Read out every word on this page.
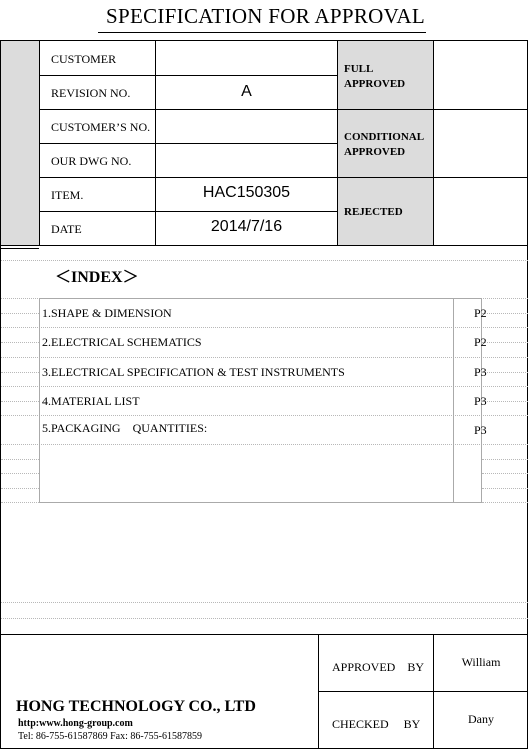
SPECIFICATION FOR APPROVAL
CUSTOMER
REVISION NO.	A
CUSTOMER’S NO.
OUR DWG NO.
ITEM.	HAC150305
DATE	2014/7/16
FULL
APPROVED
CONDITIONAL
APPROVED
REJECTED
＜INDEX＞
1.SHAPE & DIMENSION	P2
2.ELECTRICAL SCHEMATICS	P2
3.ELECTRICAL SPECIFICATION & TEST INSTRUMENTS	P3
4.MATERIAL LIST	P3
5.PACKAGING    QUANTITIES:	P3
HONG TECHNOLOGY CO., LTD
http:www.hong-group.com
Tel: 86-755-61587869 Fax: 86-755-61587859
APPROVED    BY	William
CHECKED     BY	Dany
